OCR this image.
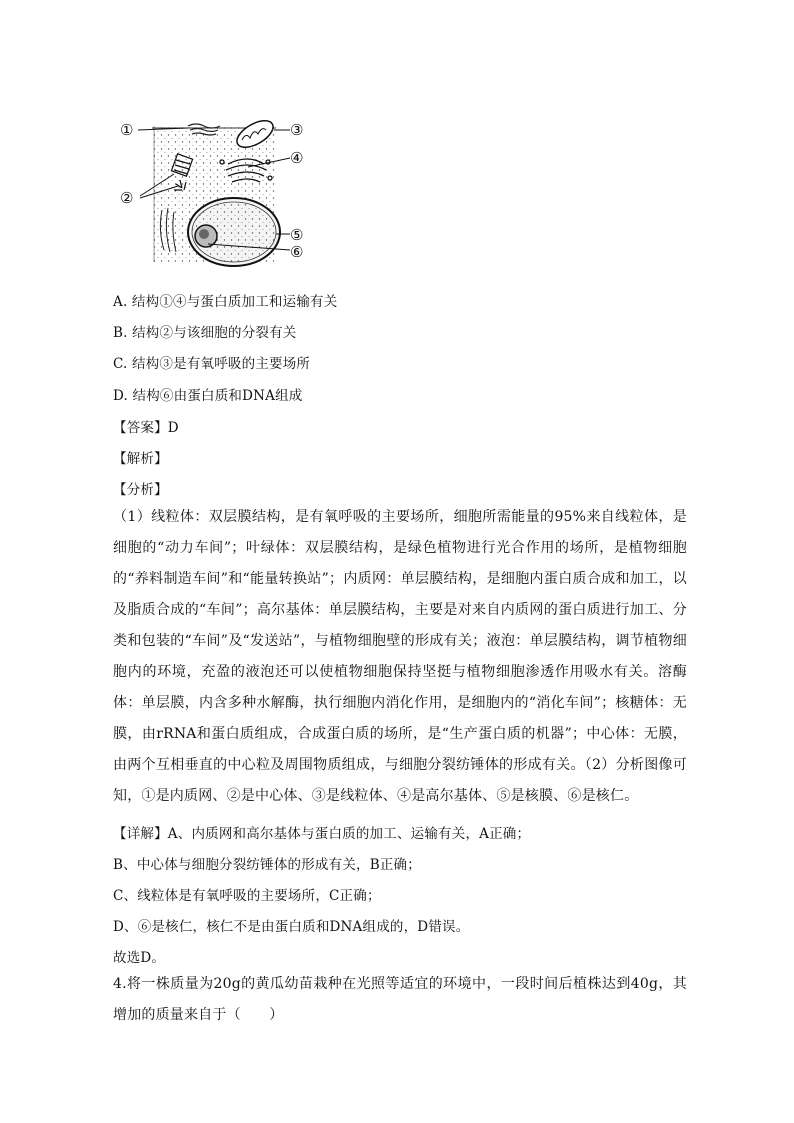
①	③
④
②
⑤
⑥
A. 结构①④与蛋白质加工和运输有关
B. 结构②与该细胞的分裂有关
C. 结构③是有氧呼吸的主要场所
D. 结构⑥由蛋白质和DNA组成
【答案】D
【解析】
【分析】
（1）线粒体：双层膜结构，是有氧呼吸的主要场所，细胞所需能量的95%来自线粒体，是细胞的“动力车间”；叶绿体：双层膜结构，是绿色植物进行光合作用的场所，是植物细胞的“养料制造车间”和“能量转换站”；内质网：单层膜结构，是细胞内蛋白质合成和加工，以及脂质合成的“车间”；高尔基体：单层膜结构，主要是对来自内质网的蛋白质进行加工、分类和包装的“车间”及“发送站”，与植物细胞壁的形成有关；液泡：单层膜结构，调节植物细胞内的环境，充盈的液泡还可以使植物细胞保持坚挺与植物细胞渗透作用吸水有关。溶酶体：单层膜，内含多种水解酶，执行细胞内消化作用，是细胞内的“消化车间”；核糖体：无膜，由rRNA和蛋白质组成，合成蛋白质的场所，是“生产蛋白质的机器”；中心体：无膜，由两个互相垂直的中心粒及周围物质组成，与细胞分裂纺锤体的形成有关。（2）分析图像可知，①是内质网、②是中心体、③是线粒体、④是高尔基体、⑤是核膜、⑥是核仁。
【详解】A、内质网和高尔基体与蛋白质的加工、运输有关，A正确；
B、中心体与细胞分裂纺锤体的形成有关，B正确；
C、线粒体是有氧呼吸的主要场所，C正确；
D、⑥是核仁，核仁不是由蛋白质和DNA组成的，D错误。
故选D。
4.将一株质量为20g的黄瓜幼苗栽种在光照等适宜的环境中，一段时间后植株达到40g，其增加的质量来自于（　　）
